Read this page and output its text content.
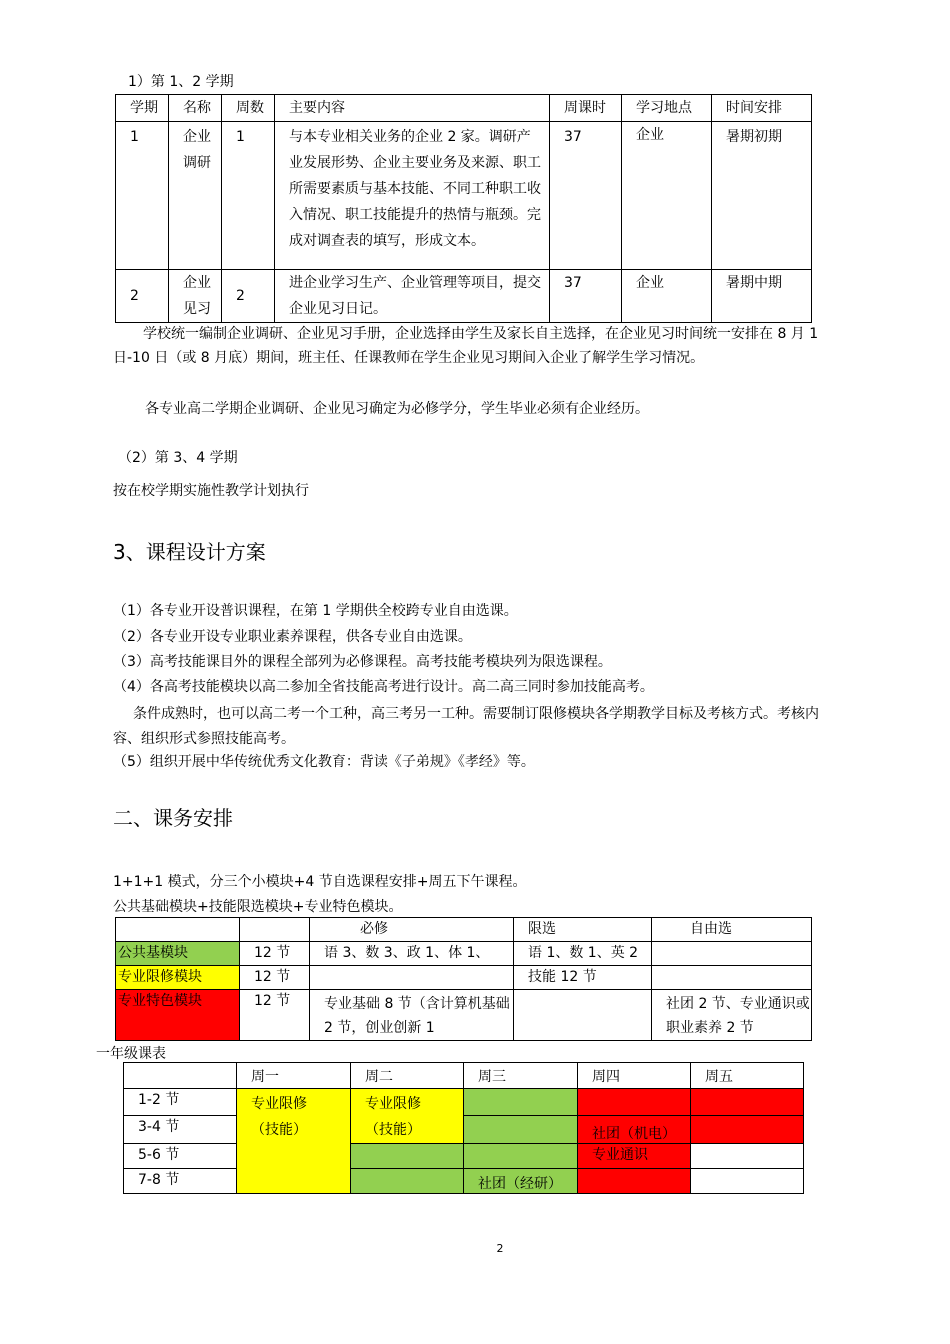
1）第 1、2 学期
学期	名称	周数	主要内容	周课时	学习地点	时间安排
1	企业调研	1	与本专业相关业务的企业 2 家。调研产业发展形势、企业主要业务及来源、职工所需要素质与基本技能、不同工种职工收入情况、职工技能提升的热情与瓶颈。完成对调查表的填写，形成文本。	37	企业	暑期初期
2	企业见习	2	进企业学习生产、企业管理等项目，提交企业见习日记。	37	企业	暑期中期
学校统一编制企业调研、企业见习手册，企业选择由学生及家长自主选择，在企业见习时间统一安排在 8 月 1 日-10 日（或 8 月底）期间，班主任、任课教师在学生企业见习期间入企业了解学生学习情况。
各专业高二学期企业调研、企业见习确定为必修学分，学生毕业必须有企业经历。
（2）第 3、4 学期
按在校学期实施性教学计划执行
3、课程设计方案
（1）各专业开设普识课程，在第 1 学期供全校跨专业自由选课。
（2）各专业开设专业职业素养课程，供各专业自由选课。
（3）高考技能课目外的课程全部列为必修课程。高考技能考模块列为限选课程。
（4）各高考技能模块以高二参加全省技能高考进行设计。高二高三同时参加技能高考。
条件成熟时，也可以高二考一个工种，高三考另一工种。需要制订限修模块各学期教学目标及考核方式。考核内容、组织形式参照技能高考。
（5）组织开展中华传统优秀文化教育：背读《子弟规》《孝经》等。
二、课务安排
1+1+1 模式，分三个小模块+4 节自选课程安排+周五下午课程。
公共基础模块+技能限选模块+专业特色模块。
		必修	限选	自由选
公共基模块	12 节	语 3、数 3、政 1、体 1、	语 1、数 1、英 2	
专业限修模块	12 节		技能 12 节	
专业特色模块	12 节	专业基础 8 节（含计算机基础 2 节，创业创新 1		社团 2 节、专业通识或职业素养 2 节
一年级课表
	周一	周二	周三	周四	周五
1-2 节	专业限修（技能）	专业限修（技能）			
3-4 节				社团（机电）	

5-6 节				专业通识	
7-8 节			社团（经研）		

2
